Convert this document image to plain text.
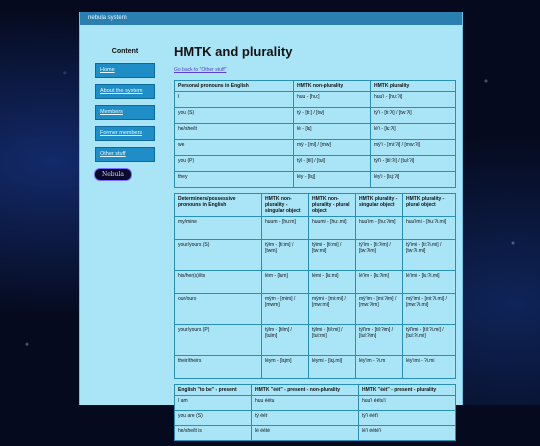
nebula system
Content
Home
About the system
Members
Former members
Other stuff
Nebula
HMTK and plurality
Go back to "Other stuff"
Personal pronouns in English	HMTK non-plurality	HMTK plurality
I	huu - [hu:]	huu'i - [hu:ʔi]
you (S)	tÿ - [ti:] / [tw]	tÿ'i - [ti:ʔi] / [tw:ʔi]
he/she/it	lé - [lɛ]	lé'i - [lɛ:ʔi]
we	mÿ - [mi] / [mw]	mÿ'i - [mi:ʔi] / [mw:ʔi]
you (P)	tÿl - [til] / [tul]	tÿl'i - [til:ʔi] / [tul:ʔi]
they	léy - [lɛj]	léy'i - [lɛj:ʔi]
Determiners/possessive pronouns in English	HMTK non-plurality - singular object	HMTK non-plurality - plural object	HMTK plurality - singular object	HMTK plurality - plural object
my/mine	huum - [hu:m]	huumi - [hu:.mi]	huu'im - [hu:ʔim]	huu'imi - [hu:ʔi.mi]
your/yours (S)	tÿim - [ti:im] / [twm]	tÿimi - [ti:mi] / [tw:mi]	tÿ'im - [ti:ʔim] / [tw:ʔim]	tÿ'imi - [ti:ʔi.mi] / [tw:ʔi.mi]
his/her(s)/its	lém - [lɛm]	lémi - [lɛ:mi]	lé'im - [lɛ:ʔim]	lé'imi - [lɛ:ʔi.mi]
our/ours	mÿm - [mim] / [mwm]	mÿmi - [mi:mi] / [mw:mi]	mÿ'im - [mi:ʔim] / [mw:ʔim]	mÿ'imi - [mi:ʔi.mi] / [mw:ʔi.mi]
your/yours (P)	tÿlm - [tilm] / [tulm]	tÿlmi - [til:mi] / [tul:mi]	tÿl'im - [til:ʔim] / [tul:ʔim]	tÿl'imi - [til:ʔi.mi] / [tul:ʔi.mi]
their/theirs	léym - [lɛjm]	léymi - [lɛj.mi]	léy'im - ʔi.m	léy'imi - ʔi.mi
English "to be" - present	HMTK "éét" - present - non-plurality	HMTK "éét" - present - plurality
I am	huu éétu	huu'i éétu'i
you are (S)	tÿ éét	tÿ'i éét'i
he/she/it is	lé éété	lé'i éété'i
